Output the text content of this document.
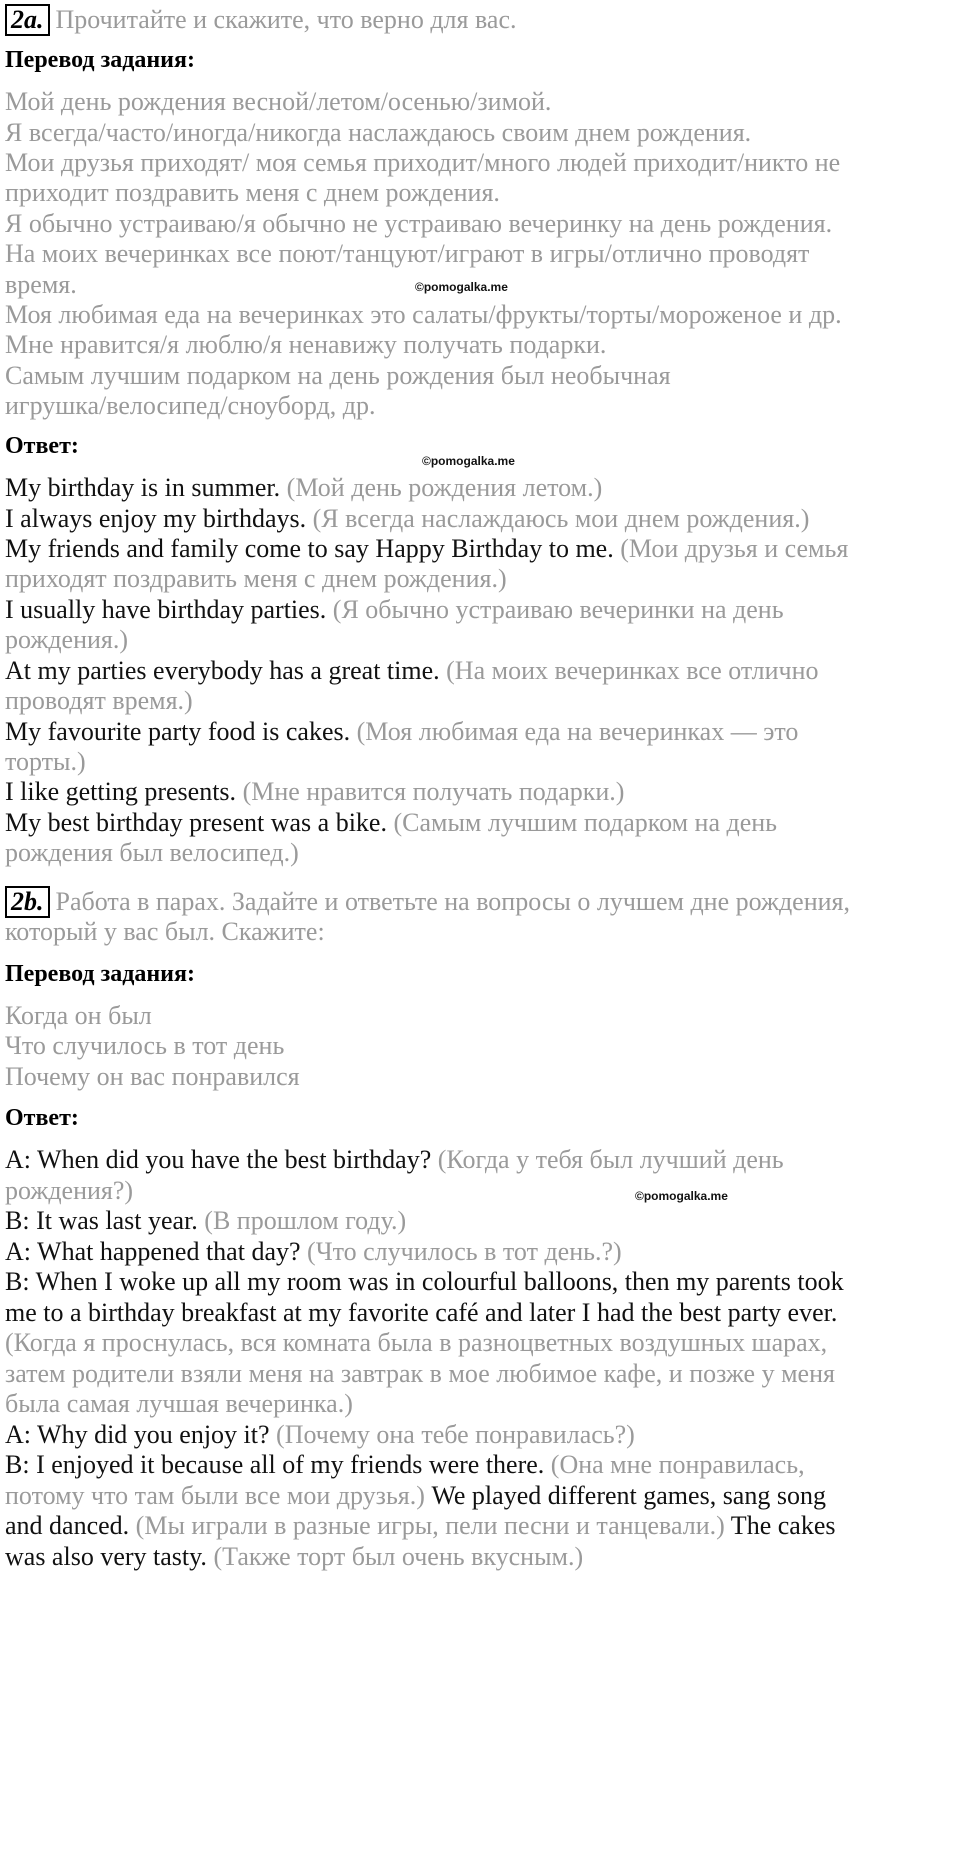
2a. Прочитайте и скажите, что верно для вас.
Перевод задания:
Мой день рождения весной/летом/осенью/зимой.
Я всегда/часто/иногда/никогда наслаждаюсь своим днем рождения.
Мои друзья приходят/ моя семья приходит/много людей приходит/никто не
приходит поздравить меня с днем рождения.
Я обычно устраиваю/я обычно не устраиваю вечеринку на день рождения.
На моих вечеринках все поют/танцуют/играют в игры/отлично проводят
время.
Моя любимая еда на вечеринках это салаты/фрукты/торты/мороженое и др.
Мне нравится/я люблю/я ненавижу получать подарки.
Самым лучшим подарком на день рождения был необычная
игрушка/велосипед/сноуборд, др.
©pomogalka.me
Ответ:
©pomogalka.me
My birthday is in summer. (Мой день рождения летом.)
I always enjoy my birthdays. (Я всегда наслаждаюсь мои днем рождения.)
My friends and family come to say Happy Birthday to me. (Мои друзья и семья
приходят поздравить меня с днем рождения.)
I usually have birthday parties. (Я обычно устраиваю вечеринки на день
рождения.)
At my parties everybody has a great time. (На моих вечеринках все отлично
проводят время.)
My favourite party food is cakes. (Моя любимая еда на вечеринках — это
торты.)
I like getting presents. (Мне нравится получать подарки.)
My best birthday present was a bike. (Самым лучшим подарком на день
рождения был велосипед.)
2b. Работа в парах. Задайте и ответьте на вопросы о лучшем дне рождения,
который у вас был. Скажите:
Перевод задания:
Когда он был
Что случилось в тот день
Почему он вас понравился
Ответ:
A: When did you have the best birthday? (Когда у тебя был лучший день
рождения?)
B: It was last year. (В прошлом году.)
A: What happened that day? (Что случилось в тот день.?)
B: When I woke up all my room was in colourful balloons, then my parents took
me to a birthday breakfast at my favorite café and later I had the best party ever.
(Когда я проснулась, вся комната была в разноцветных воздушных шарах,
затем родители взяли меня на завтрак в мое любимое кафе, и позже у меня
была самая лучшая вечеринка.)
A: Why did you enjoy it? (Почему она тебе понравилась?)
B: I enjoyed it because all of my friends were there. (Она мне понравилась,
потому что там были все мои друзья.) We played different games, sang song
and danced. (Мы играли в разные игры, пели песни и танцевали.) The cakes
was also very tasty. (Также торт был очень вкусным.)
©pomogalka.me
